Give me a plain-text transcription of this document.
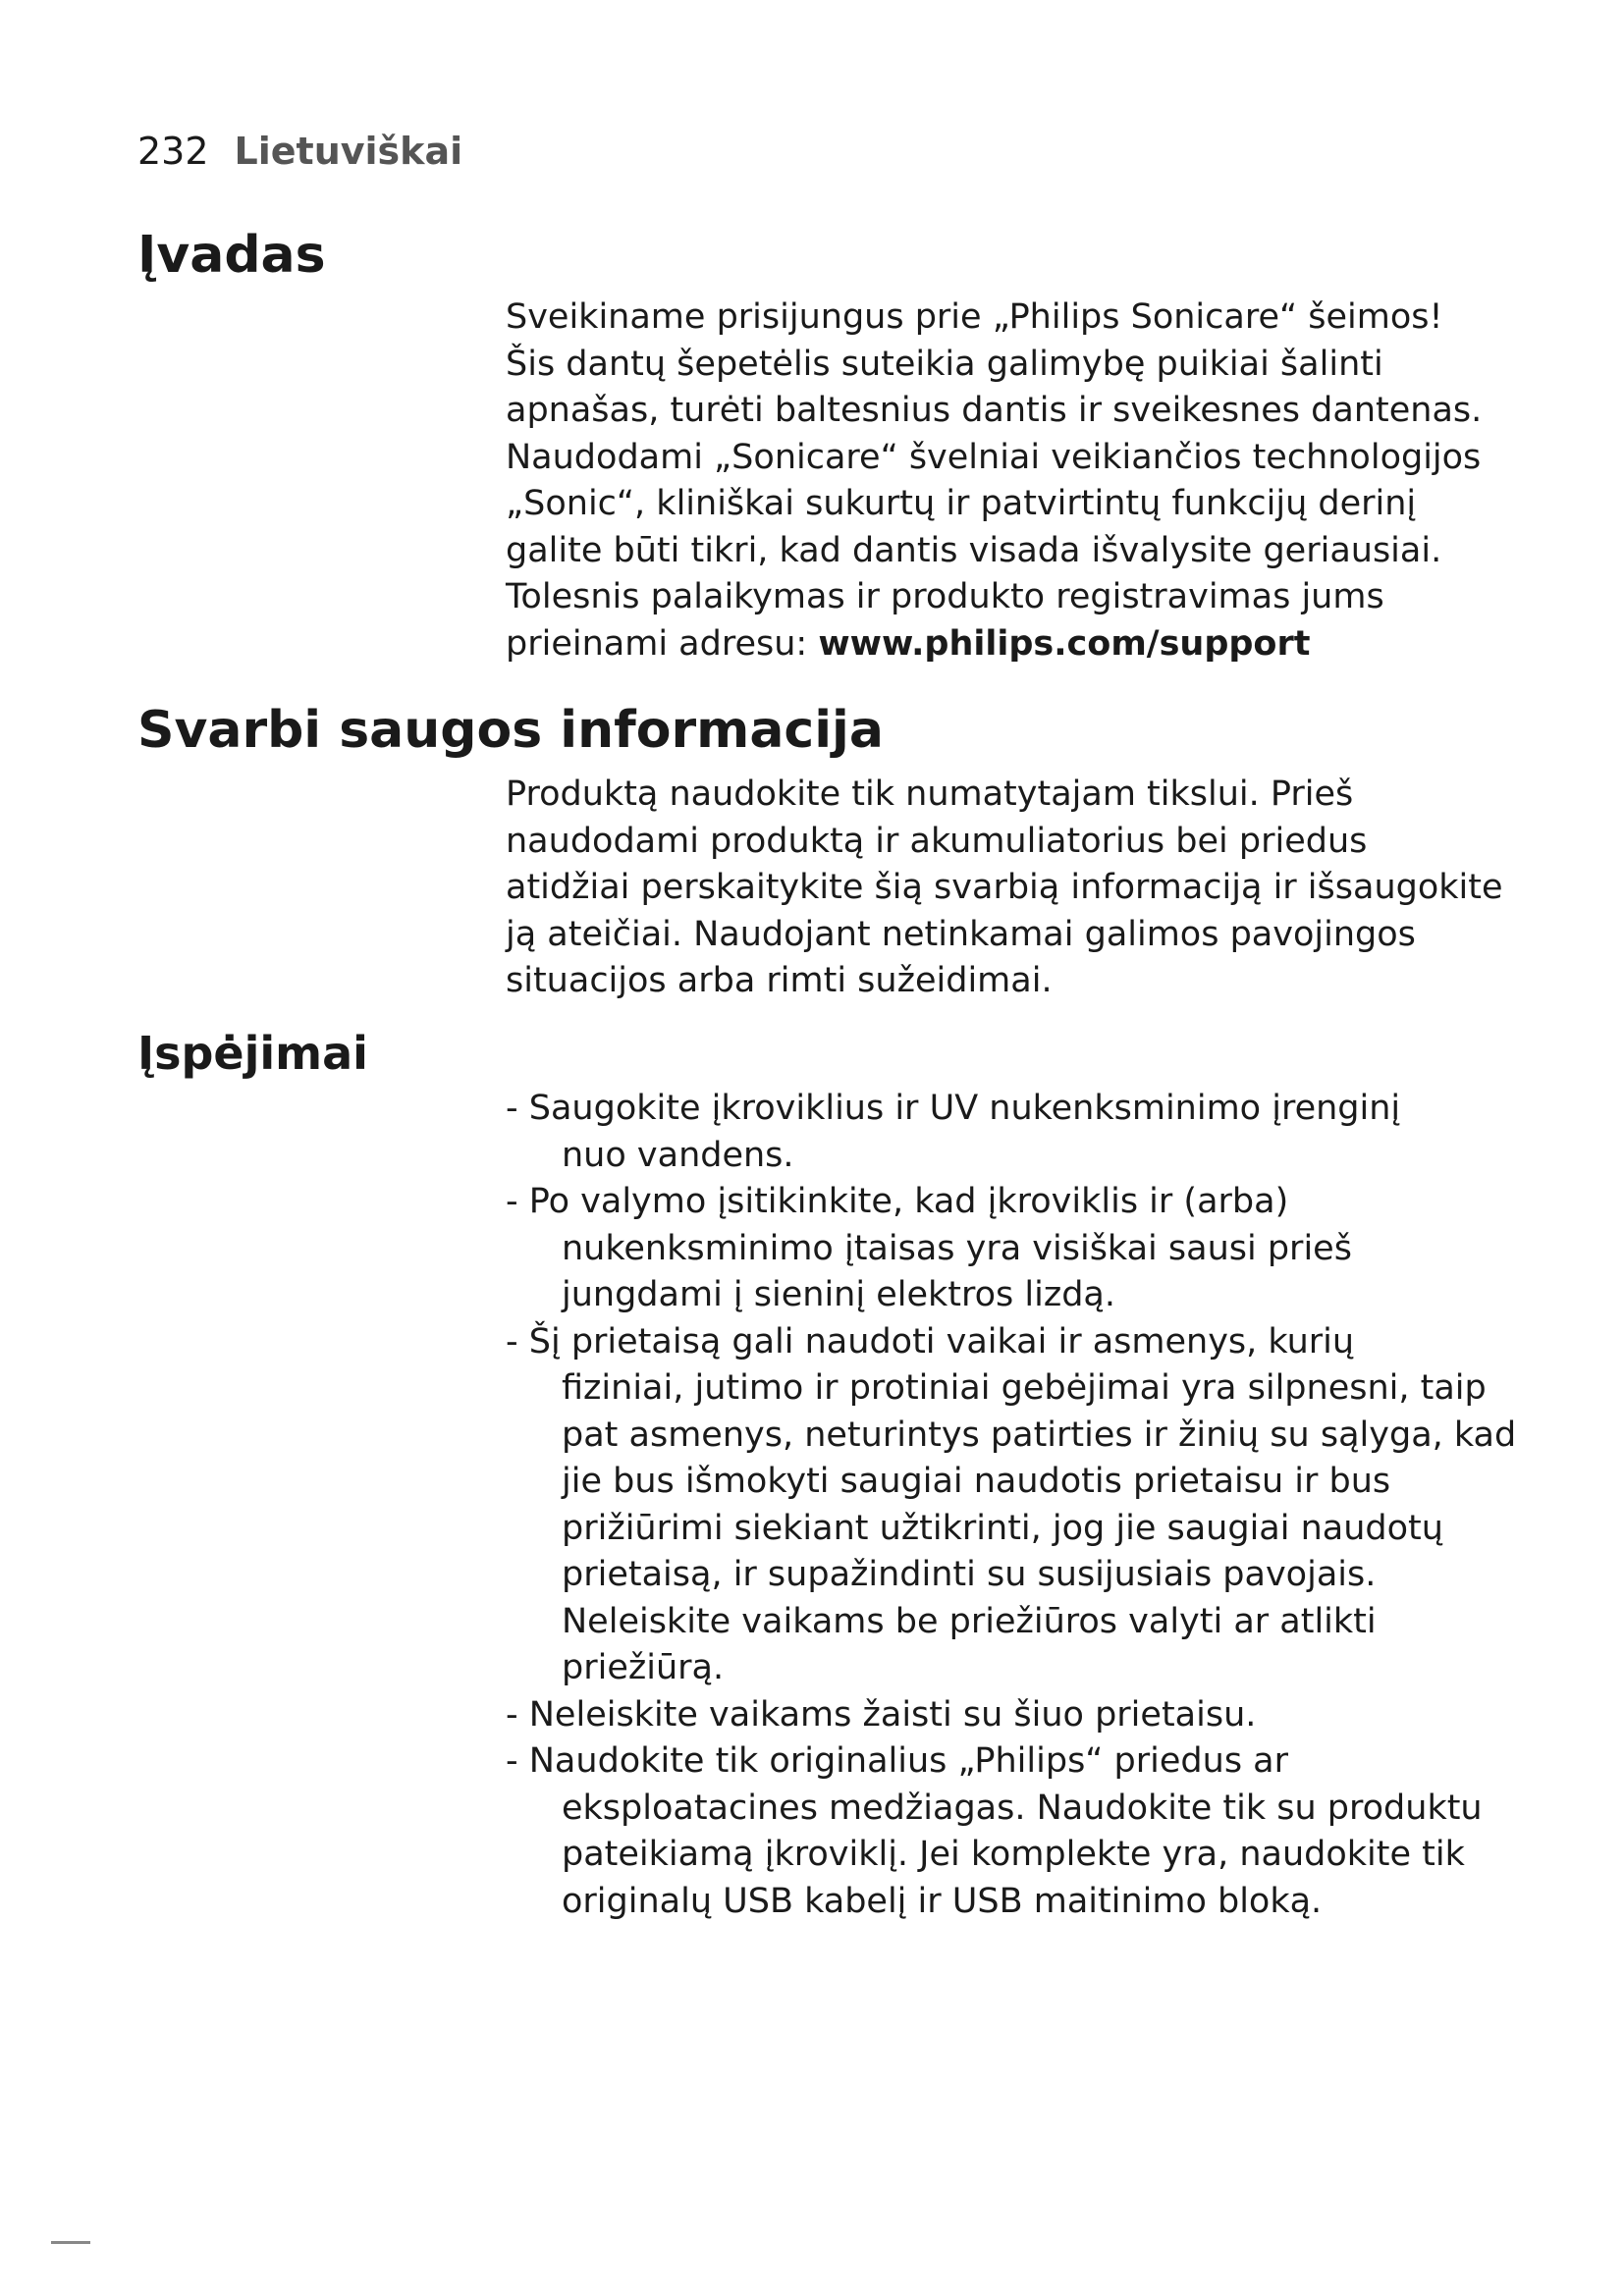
232 Lietuviškai
Įvadas

Sveikiname prisijungus prie „Philips Sonicare“ šeimos!

Šis dantų šepetėlis suteikia galimybę puikiai šalinti

apnašas, turėti baltesnius dantis ir sveikesnes dantenas.

Naudodami „Sonicare“ švelniai veikiančios technologijos

„Sonic“, kliniškai sukurtų ir patvirtintų funkcijų derinį

galite būti tikri, kad dantis visada išvalysite geriausiai.

Tolesnis palaikymas ir produkto registravimas jums

prieinami adresu: www.philips.com/support

Svarbi saugos informacija

Produktą naudokite tik numatytajam tikslui. Prieš

naudodami produktą ir akumuliatorius bei priedus

atidžiai perskaitykite šią svarbią informaciją ir išsaugokite

ją ateičiai. Naudojant netinkamai galimos pavojingos

situacijos arba rimti sužeidimai.

Įspėjimai
- Saugokite įkroviklius ir UV nukenksminimo įrenginį
nuo vandens.
- Po valymo įsitikinkite, kad įkroviklis ir (arba)
nukenksminimo įtaisas yra visiškai sausi prieš
jungdami į sieninį elektros lizdą.
- Šį prietaisą gali naudoti vaikai ir asmenys, kurių
fiziniai, jutimo ir protiniai gebėjimai yra silpnesni, taip
pat asmenys, neturintys patirties ir žinių su sąlyga, kad
jie bus išmokyti saugiai naudotis prietaisu ir bus
prižiūrimi siekiant užtikrinti, jog jie saugiai naudotų
prietaisą, ir supažindinti su susijusiais pavojais.
Neleiskite vaikams be priežiūros valyti ar atlikti
priežiūrą.
- Neleiskite vaikams žaisti su šiuo prietaisu.
- Naudokite tik originalius „Philips“ priedus ar
eksploatacines medžiagas. Naudokite tik su produktu
pateikiamą įkroviklį. Jei komplekte yra, naudokite tik
originalų USB kabelį ir USB maitinimo bloką.
